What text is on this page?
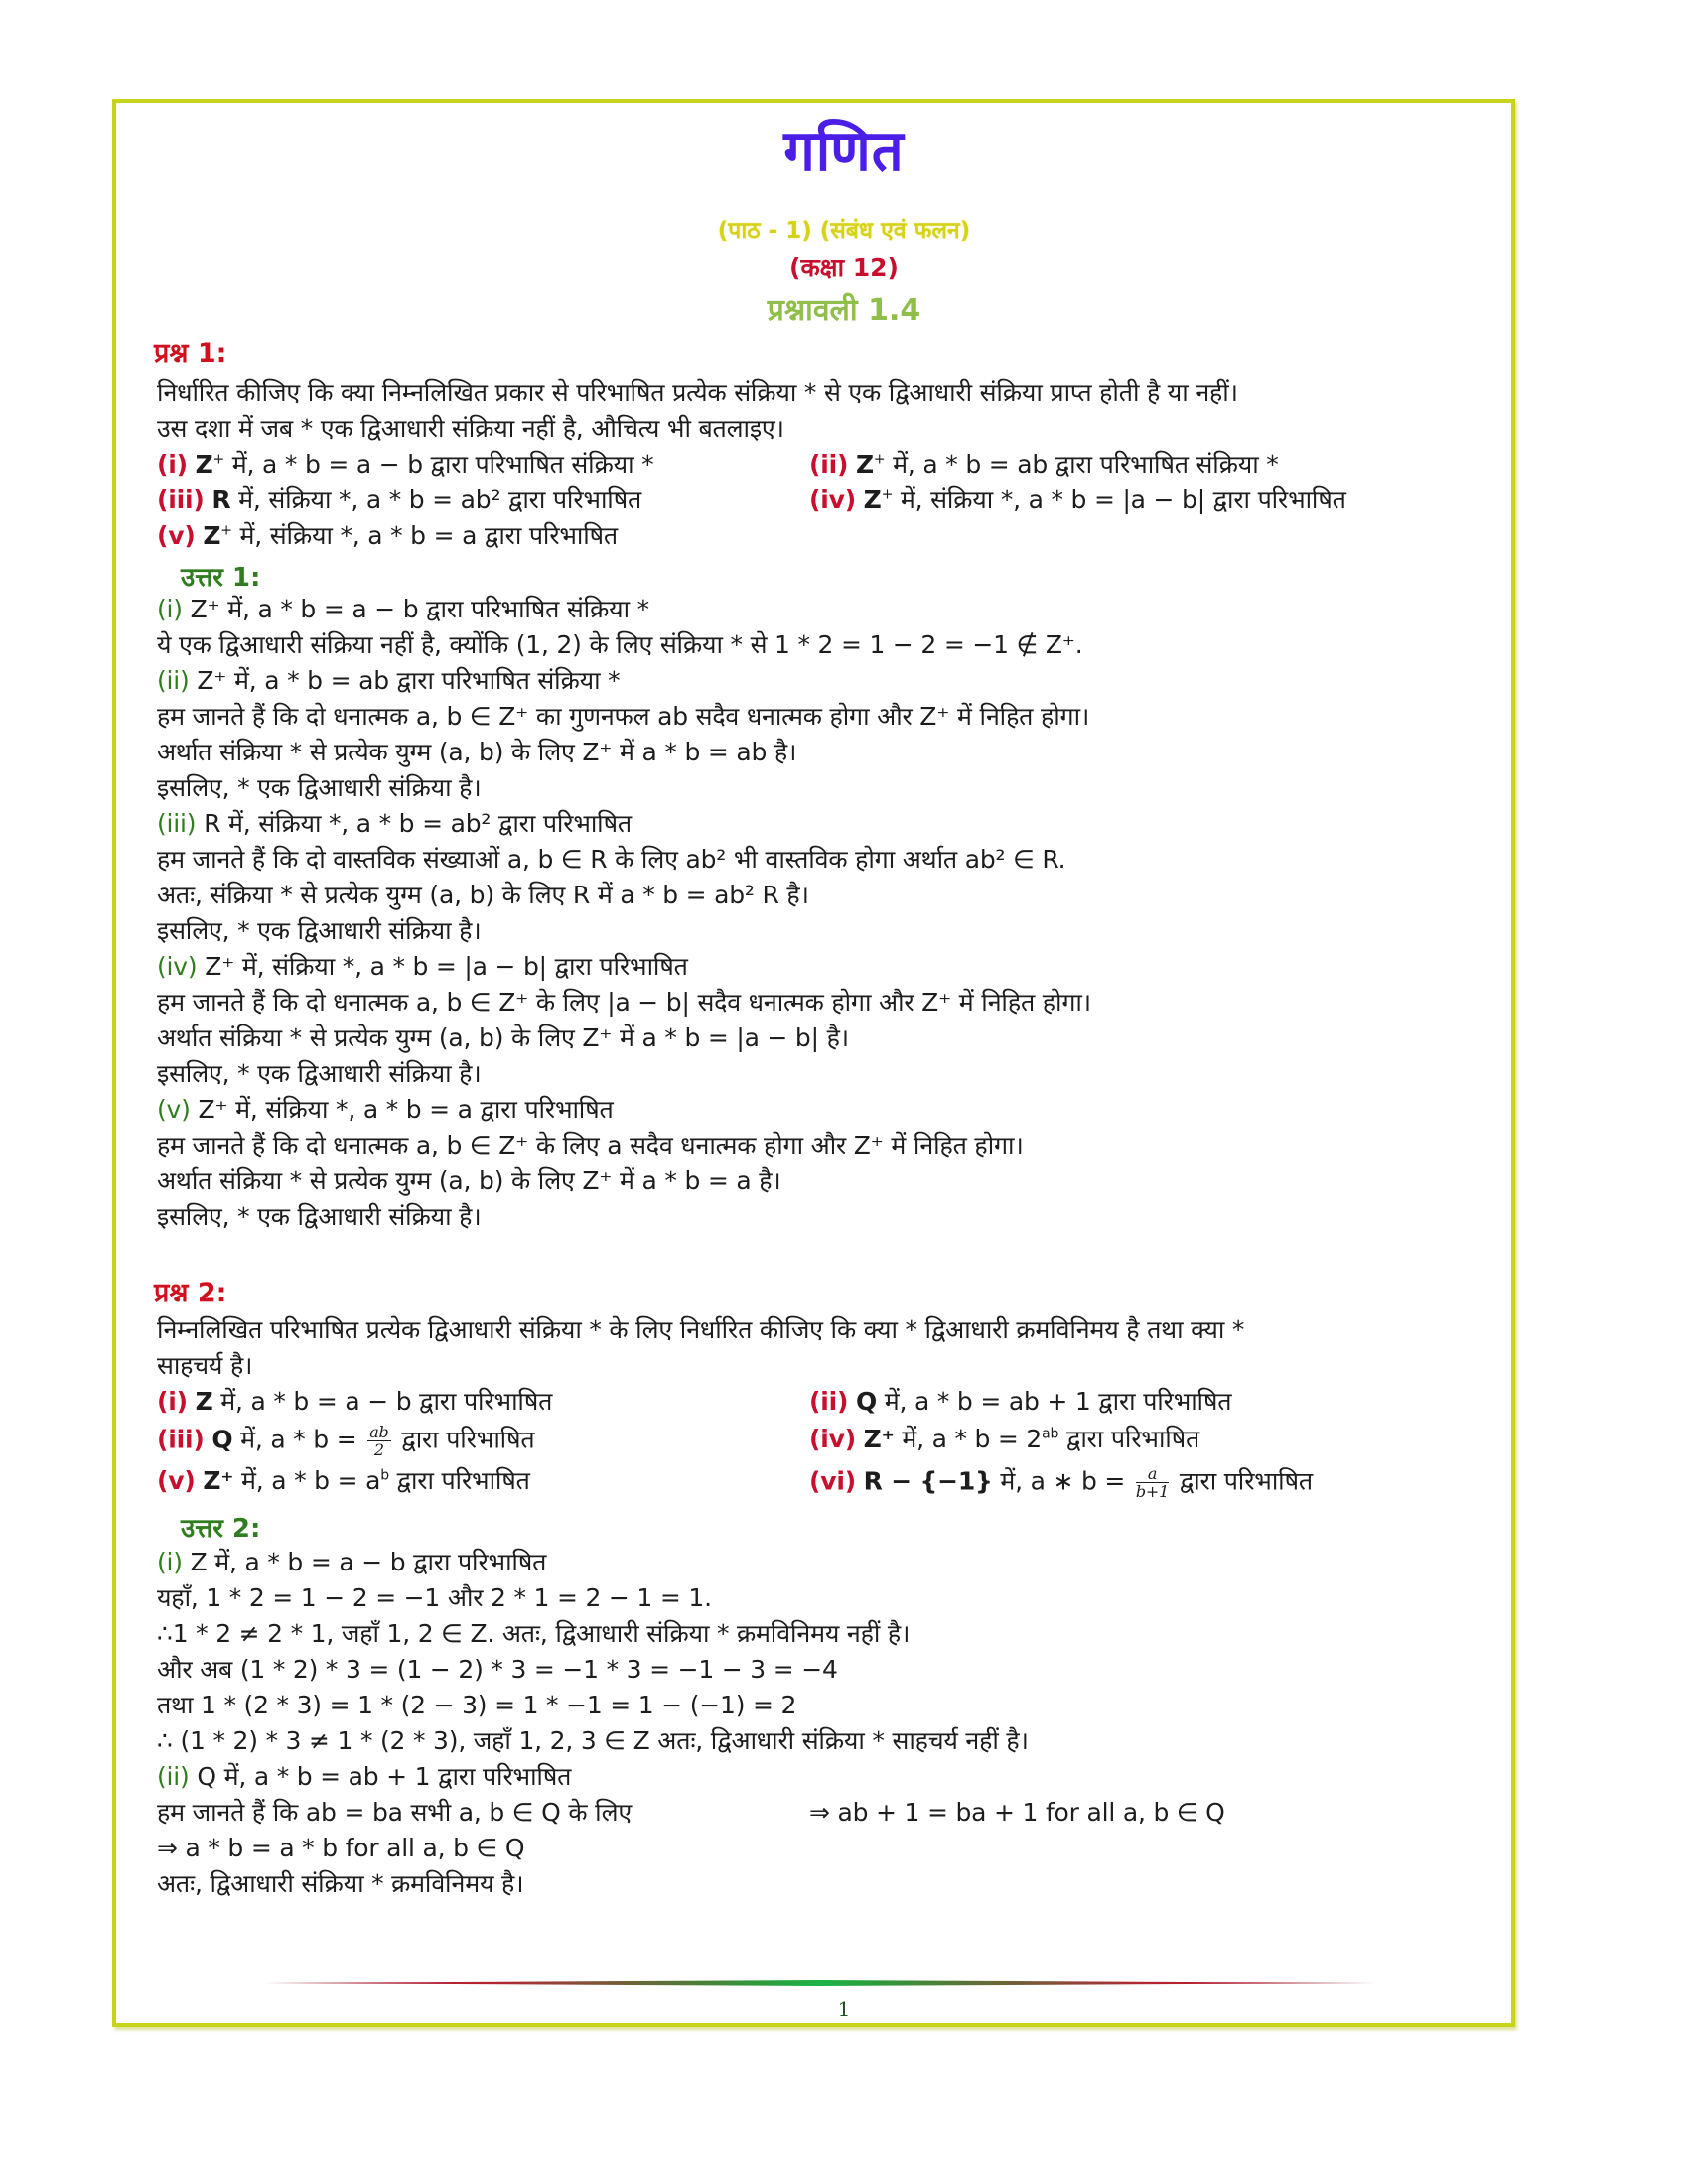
गणित
(पाठ - 1) (संबंध एवं फलन)
(कक्षा 12)
प्रश्नावली 1.4
प्रश्न 1:
निर्धारित कीजिए कि क्या निम्नलिखित प्रकार से परिभाषित प्रत्येक संक्रिया * से एक द्विआधारी संक्रिया प्राप्त होती है या नहीं।
उस दशा में जब * एक द्विआधारी संक्रिया नहीं है, औचित्य भी बतलाइए।
(i) Z+ में, a * b = a − b द्वारा परिभाषित संक्रिया *	(ii) Z+ में, a * b = ab द्वारा परिभाषित संक्रिया *
(iii) R में, संक्रिया *, a * b = ab² द्वारा परिभाषित	(iv) Z+ में, संक्रिया *, a * b = |a − b| द्वारा परिभाषित
(v) Z+ में, संक्रिया *, a * b = a द्वारा परिभाषित
उत्तर 1:
(i) Z⁺ में, a * b = a − b द्वारा परिभाषित संक्रिया *
ये एक द्विआधारी संक्रिया नहीं है, क्योंकि (1, 2) के लिए संक्रिया * से 1 * 2 = 1 − 2 = −1 ∉ Z⁺.
(ii) Z⁺ में, a * b = ab द्वारा परिभाषित संक्रिया *
हम जानते हैं कि दो धनात्मक a, b ∈ Z⁺ का गुणनफल ab सदैव धनात्मक होगा और Z⁺ में निहित होगा।
अर्थात संक्रिया * से प्रत्येक युग्म (a, b) के लिए Z⁺ में a * b = ab है।
इसलिए, * एक द्विआधारी संक्रिया है।
(iii) R में, संक्रिया *, a * b = ab² द्वारा परिभाषित
हम जानते हैं कि दो वास्तविक संख्याओं a, b ∈ R के लिए ab² भी वास्तविक होगा अर्थात ab² ∈ R.
अतः, संक्रिया * से प्रत्येक युग्म (a, b) के लिए R में a * b = ab² R है।
इसलिए, * एक द्विआधारी संक्रिया है।
(iv) Z⁺ में, संक्रिया *, a * b = |a − b| द्वारा परिभाषित
हम जानते हैं कि दो धनात्मक a, b ∈ Z⁺ के लिए |a − b| सदैव धनात्मक होगा और Z⁺ में निहित होगा।
अर्थात संक्रिया * से प्रत्येक युग्म (a, b) के लिए Z⁺ में a * b = |a − b| है।
इसलिए, * एक द्विआधारी संक्रिया है।
(v) Z⁺ में, संक्रिया *, a * b = a द्वारा परिभाषित
हम जानते हैं कि दो धनात्मक a, b ∈ Z⁺ के लिए a सदैव धनात्मक होगा और Z⁺ में निहित होगा।
अर्थात संक्रिया * से प्रत्येक युग्म (a, b) के लिए Z⁺ में a * b = a है।
इसलिए, * एक द्विआधारी संक्रिया है।
प्रश्न 2:
निम्नलिखित परिभाषित प्रत्येक द्विआधारी संक्रिया * के लिए निर्धारित कीजिए कि क्या * द्विआधारी क्रमविनिमय है तथा क्या *
साहचर्य है।
(i) Z में, a * b = a − b द्वारा परिभाषित	(ii) Q में, a * b = ab + 1 द्वारा परिभाषित
(iii) Q में, $a * b = \frac{ab}{2}$ द्वारा परिभाषित	(iv) Z⁺ में, $a * b = 2^{ab}$ द्वारा परिभाषित
(v) Z⁺ में, $a * b = a^b$ द्वारा परिभाषित	(vi) R − {−1} में, a ∗ $b = \frac{a}{b+1}$ द्वारा परिभाषित
उत्तर 2:
(i) Z में, a * b = a − b द्वारा परिभाषित
यहाँ, 1 * 2 = 1 − 2 = −1 और 2 * 1 = 2 − 1 = 1.
∴1 * 2 ≠ 2 * 1, जहाँ 1, 2 ∈ Z. अतः, द्विआधारी संक्रिया * क्रमविनिमय नहीं है।
और अब (1 * 2) * 3 = (1 − 2) * 3 = −1 * 3 = −1 − 3 = −4
तथा 1 * (2 * 3) = 1 * (2 − 3) = 1 * −1 = 1 − (−1) = 2
∴ (1 * 2) * 3 ≠ 1 * (2 * 3), जहाँ 1, 2, 3 ∈ Z अतः, द्विआधारी संक्रिया * साहचर्य नहीं है।
(ii) Q में, a * b = ab + 1 द्वारा परिभाषित
हम जानते हैं कि ab = ba सभी a, b ∈ Q के लिए	⇒ ab + 1 = ba + 1 for all a, b ∈ Q
⇒ a * b = a * b for all a, b ∈ Q
अतः, द्विआधारी संक्रिया * क्रमविनिमय है।
1
